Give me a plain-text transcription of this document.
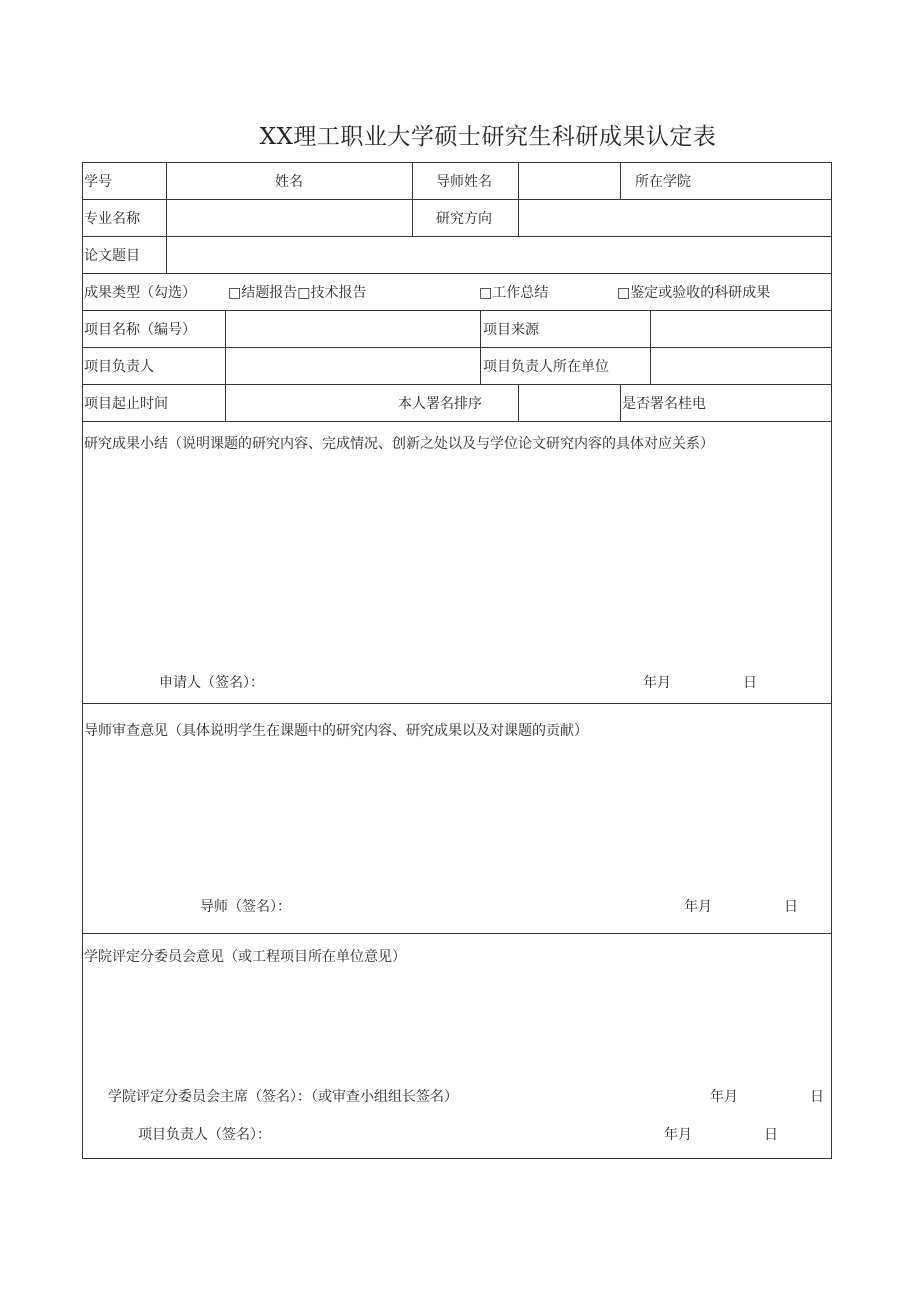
XX理工职业大学硕士研究生科研成果认定表
学号	姓名	导师姓名	所在学院
专业名称	研究方向
论文题目
成果类型（勾选） □结题报告□技术报告	□工作总结	□鉴定或验收的科研成果
项目名称（编号）	项目来源
项目负责人	项目负责人所在单位
项目起止时间	本人署名排序	是否署名桂电
研究成果小结（说明课题的研究内容、完成情况、创新之处以及与学位论文研究内容的具体对应关系）
申请人（签名）：	年月	日
导师审查意见（具体说明学生在课题中的研究内容、研究成果以及对课题的贡献）
导师（签名）：	年月	日
学院评定分委员会意见（或工程项目所在单位意见）
学院评定分委员会主席（签名）：（或审查小组组长签名）	年月	日
项目负责人（签名）：	年月	日
